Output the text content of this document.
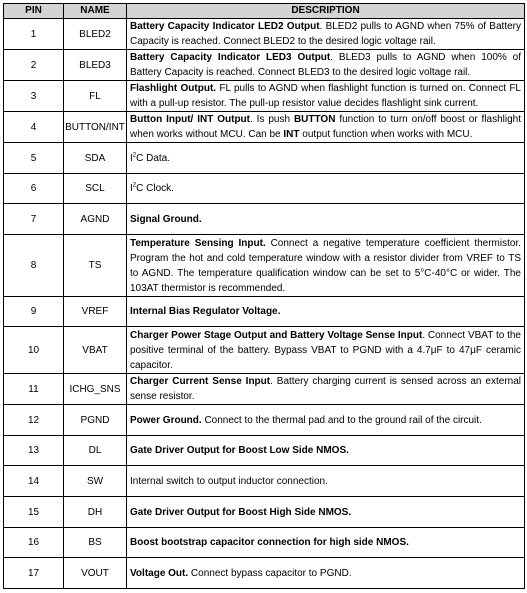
PIN	NAME	DESCRIPTION
1	BLED2	Battery Capacity Indicator LED2 Output. BLED2 pulls to AGND when 75% of Battery Capacity is reached. Connect BLED2 to the desired logic voltage rail.
2	BLED3	Battery Capacity Indicator LED3 Output. BLED3 pulls to AGND when 100% of Battery Capacity is reached. Connect BLED3 to the desired logic voltage rail.
3	FL	Flashlight Output. FL pulls to AGND when flashlight function is turned on. Connect FL with a pull-up resistor. The pull-up resistor value decides flashlight sink current.
4	BUTTON/INT	Button Input/ INT Output. Is push BUTTON function to turn on/off boost or flashlight when works without MCU. Can be INT output function when works with MCU.
5	SDA	$I^2C$ Data.
6	SCL	$I^2C$ Clock.
7	AGND	Signal Ground.
8	TS	Temperature Sensing Input. Connect a negative temperature coefficient thermistor. Program the hot and cold temperature window with a resistor divider from VREF to TS to AGND. The temperature qualification window can be set to 5°C-40°C or wider. The 103AT thermistor is recommended.
9	VREF	Internal Bias Regulator Voltage.
10	VBAT	Charger Power Stage Output and Battery Voltage Sense Input. Connect VBAT to the positive terminal of the battery. Bypass VBAT to PGND with a 4.7μF to 47μF ceramic capacitor.
11	ICHG_SNS	Charger Current Sense Input. Battery charging current is sensed across an external sense resistor.
12	PGND	Power Ground. Connect to the thermal pad and to the ground rail of the circuit.
13	DL	Gate Driver Output for Boost Low Side NMOS.
14	SW	Internal switch to output inductor connection.
15	DH	Gate Driver Output for Boost High Side NMOS.
16	BS	Boost bootstrap capacitor connection for high side NMOS.
17	VOUT	Voltage Out. Connect bypass capacitor to PGND.
